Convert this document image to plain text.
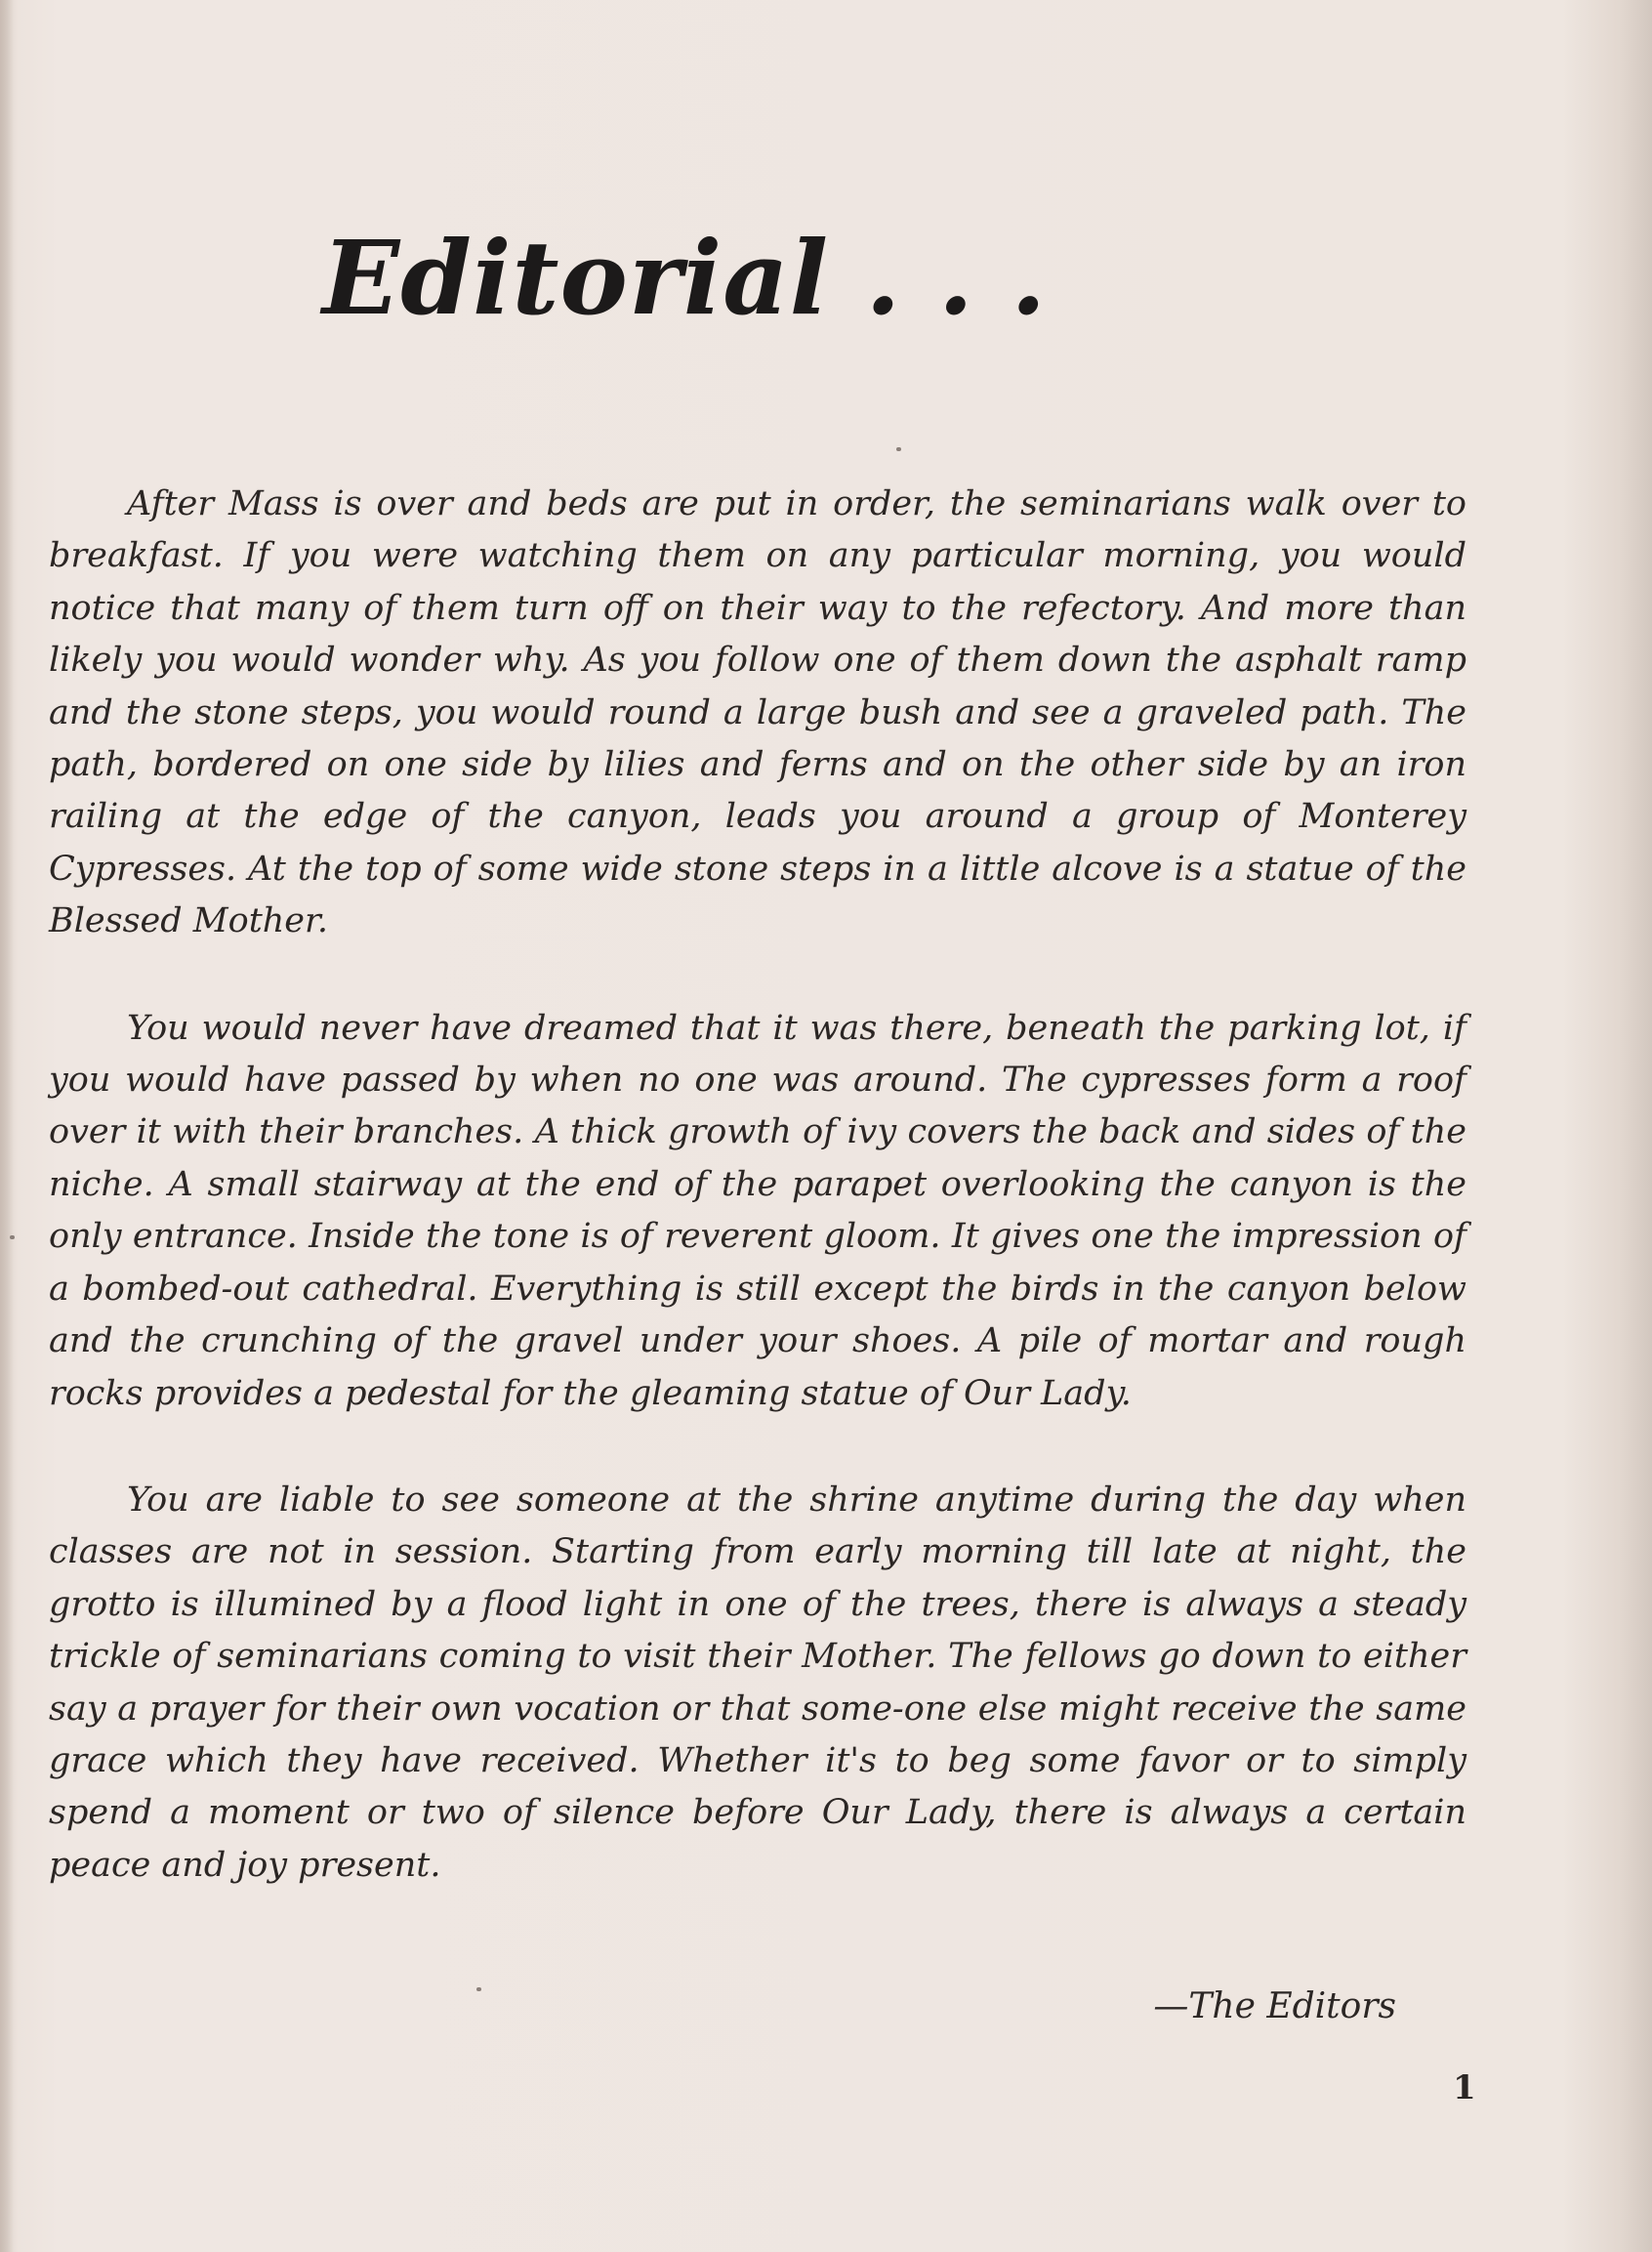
Editorial . . .

After Mass is over and beds are put in order, the seminarians walk over to breakfast. If you were watching them on any particular morning, you would notice that many of them turn off on their way to the refectory. And more than likely you would wonder why. As you follow one of them down the asphalt ramp and the stone steps, you would round a large bush and see a graveled path. The path, bordered on one side by lilies and ferns and on the other side by an iron railing at the edge of the canyon, leads you around a group of Monterey Cypresses. At the top of some wide stone steps in a little alcove is a statue of the Blessed Mother.

You would never have dreamed that it was there, beneath the parking lot, if you would have passed by when no one was around. The cypresses form a roof over it with their branches. A thick growth of ivy covers the back and sides of the niche. A small stairway at the end of the parapet overlooking the canyon is the only entrance. Inside the tone is of reverent gloom. It gives one the impression of a bombed-out cathedral. Everything is still except the birds in the canyon below and the crunching of the gravel under your shoes. A pile of mortar and rough rocks provides a pedestal for the gleaming statue of Our Lady.

You are liable to see someone at the shrine anytime during the day when classes are not in session. Starting from early morning till late at night, the grotto is illumined by a flood light in one of the trees, there is always a steady trickle of seminarians coming to visit their Mother. The fellows go down to either say a prayer for their own vocation or that some-one else might receive the same grace which they have received. Whether it's to beg some favor or to simply spend a moment or two of silence before Our Lady, there is always a certain peace and joy present.

—The Editors

1
